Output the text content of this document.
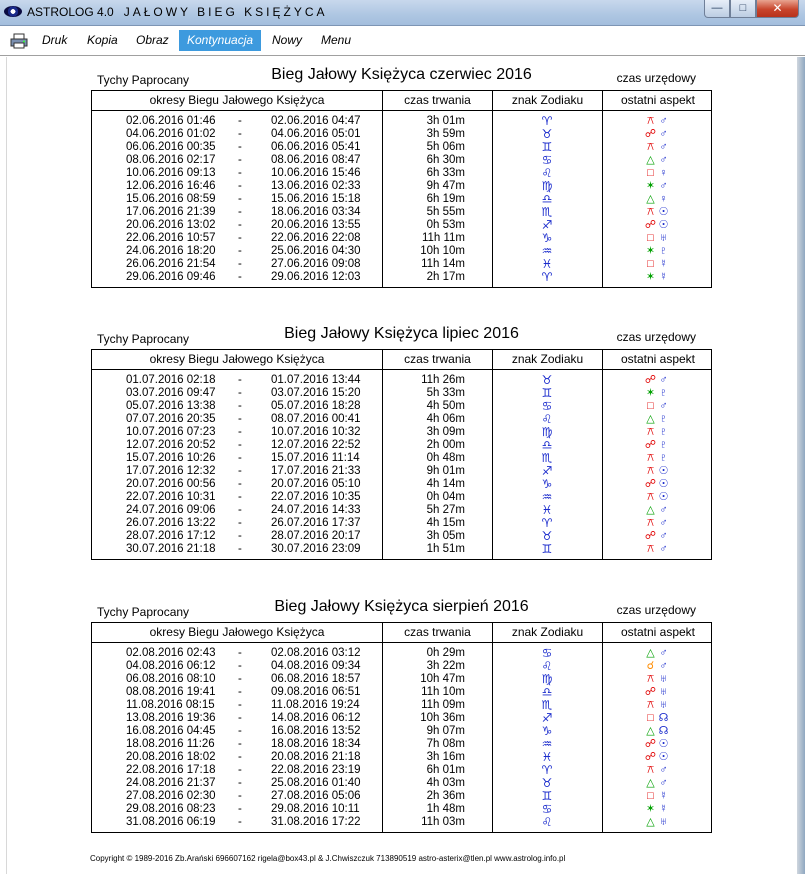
ASTROLOG 4.0 JAŁOWY BIEG KSIĘŻYCA	—	□	✕
Druk	Kopia	Obraz	Kontynuacja	Nowy	Menu
Tychy Paprocany	Bieg Jałowy Księżyca czerwiec 2016	czas urzędowy
okresy Biegu Jałowego Księżyca	czas trwania	znak Zodiaku	ostatni aspekt
02.06.2016 01:46 -	02.06.2016 04:47	3h 01m	♈	⚻ ♂
04.06.2016 01:02 -	04.06.2016 05:01	3h 59m	♉	☍ ♂
06.06.2016 00:35 -	06.06.2016 05:41	5h 06m	♊	⚻ ♂
08.06.2016 02:17 -	08.06.2016 08:47	6h 30m	♋	△ ♂
10.06.2016 09:13 -	10.06.2016 15:46	6h 33m	♌	□ ♀
12.06.2016 16:46 -	13.06.2016 02:33	9h 47m	♍	✶ ♂
15.06.2016 08:59 -	15.06.2016 15:18	6h 19m	♎	△ ♀
17.06.2016 21:39 -	18.06.2016 03:34	5h 55m	♏	⚻ ☉
20.06.2016 13:02 -	20.06.2016 13:55	0h 53m	♐	☍ ☉
22.06.2016 10:57 -	22.06.2016 22:08	11h 11m	♑	□ ♅
24.06.2016 18:20 -	25.06.2016 04:30	10h 10m	♒	✶ ♇
26.06.2016 21:54 -	27.06.2016 09:08	11h 14m	♓	□ ☿
29.06.2016 09:46 -	29.06.2016 12:03	2h 17m	♈	✶ ☿
Tychy Paprocany	Bieg Jałowy Księżyca lipiec 2016	czas urzędowy
okresy Biegu Jałowego Księżyca	czas trwania	znak Zodiaku	ostatni aspekt
01.07.2016 02:18 -	01.07.2016 13:44	11h 26m	♉	☍ ♂
03.07.2016 09:47 -	03.07.2016 15:20	5h 33m	♊	✶ ♇
05.07.2016 13:38 -	05.07.2016 18:28	4h 50m	♋	□ ♂
07.07.2016 20:35 -	08.07.2016 00:41	4h 06m	♌	△ ♇
10.07.2016 07:23 -	10.07.2016 10:32	3h 09m	♍	⚻ ♇
12.07.2016 20:52 -	12.07.2016 22:52	2h 00m	♎	☍ ♇
15.07.2016 10:26 -	15.07.2016 11:14	0h 48m	♏	⚻ ♇
17.07.2016 12:32 -	17.07.2016 21:33	9h 01m	♐	⚻ ☉
20.07.2016 00:56 -	20.07.2016 05:10	4h 14m	♑	☍ ☉
22.07.2016 10:31 -	22.07.2016 10:35	0h 04m	♒	⚻ ☉
24.07.2016 09:06 -	24.07.2016 14:33	5h 27m	♓	△ ♂
26.07.2016 13:22 -	26.07.2016 17:37	4h 15m	♈	⚻ ♂
28.07.2016 17:12 -	28.07.2016 20:17	3h 05m	♉	☍ ♂
30.07.2016 21:18 -	30.07.2016 23:09	1h 51m	♊	⚻ ♂
Tychy Paprocany	Bieg Jałowy Księżyca sierpień 2016	czas urzędowy
okresy Biegu Jałowego Księżyca	czas trwania	znak Zodiaku	ostatni aspekt
02.08.2016 02:43 -	02.08.2016 03:12	0h 29m	♋	△ ♂
04.08.2016 06:12 -	04.08.2016 09:34	3h 22m	♌	☌ ♂
06.08.2016 08:10 -	06.08.2016 18:57	10h 47m	♍	⚻ ♅
08.08.2016 19:41 -	09.08.2016 06:51	11h 10m	♎	☍ ♅
11.08.2016 08:15 -	11.08.2016 19:24	11h 09m	♏	⚻ ♅
13.08.2016 19:36 -	14.08.2016 06:12	10h 36m	♐	□ ☊
16.08.2016 04:45 -	16.08.2016 13:52	9h 07m	♑	△ ☊
18.08.2016 11:26 -	18.08.2016 18:34	7h 08m	♒	☍ ☉
20.08.2016 18:02 -	20.08.2016 21:18	3h 16m	♓	☍ ☉
22.08.2016 17:18 -	22.08.2016 23:19	6h 01m	♈	⚻ ♂
24.08.2016 21:37 -	25.08.2016 01:40	4h 03m	♉	△ ♂
27.08.2016 02:30 -	27.08.2016 05:06	2h 36m	♊	□ ☿
29.08.2016 08:23 -	29.08.2016 10:11	1h 48m	♋	✶ ☿
31.08.2016 06:19 -	31.08.2016 17:22	11h 03m	♌	△ ♅
Copyright © 1989-2016 Zb.Arański 696607162 rigela@box43.pl & J.Chwiszczuk 713890519 astro-asterix@tlen.pl www.astrolog.info.pl
